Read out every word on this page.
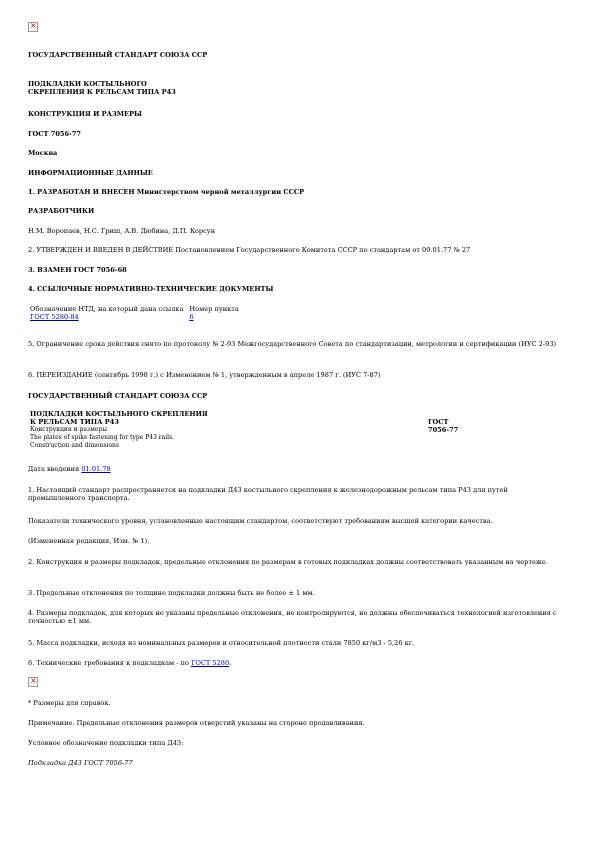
×
ГОСУДАРСТВЕННЫЙ СТАНДАРТ СОЮЗА ССР
ПОДКЛАДКИ КОСТЫЛЬНОГО
СКРЕПЛЕНИЯ К РЕЛЬСАМ ТИПА Р43
КОНСТРУКЦИЯ И РАЗМЕРЫ
ГОСТ 7056-77
Москва
ИНФОРМАЦИОННЫЕ ДАННЫЕ
1. РАЗРАБОТАН И ВНЕСЕН Министерством черной металлургии СССР
РАЗРАБОТЧИКИ
Н.М. Воропаев, Н.С. Гриш, А.В. Дюбина, Д.П. Корсун
2. УТВЕРЖДЕН И ВВЕДЕН В ДЕЙСТВИЕ Постановлением Государственного Комитета СССР по стандартам от 09.01.77 № 27
3. ВЗАМЕН ГОСТ 7056-68
4. ССЫЛОЧНЫЕ НОРМАТИВНО-ТЕХНИЧЕСКИЕ ДОКУМЕНТЫ
Обозначение НТД, на который дана ссылка	Номер пункта
ГОСТ 5280-84	6
5. Ограничение срока действия снято по протоколу № 2-93 Межгосударственного Совета по стандартизации, метрологии и сертификации (ИУС 2-93)
6. ПЕРЕИЗДАНИЕ (сентябрь 1998 г.) с Изменением № 1, утвержденным в апреле 1987 г. (ИУС 7-87)
ГОСУДАРСТВЕННЫЙ СТАНДАРТ СОЮЗА ССР
ПОДКЛАДКИ КОСТЫЛЬНОГО СКРЕПЛЕНИЯ
К РЕЛЬСАМ ТИПА Р43
Конструкция и размеры
The plates of spike fastening for type P43 rails.
Construction and dimensions
ГОСТ
7056-77
Дата введения 01.01.78
1. Настоящий стандарт распространяется на подкладки Д43 костыльного скрепления к железнодорожным рельсам типа Р43 для путей промышленного транспорта.
Показатели технического уровня, установленные настоящим стандартом, соответствуют требованиям высшей категории качества.
(Измененная редакция, Изм. № 1).
2. Конструкция и размеры подкладок, предельные отклонения по размерам в готовых подкладках должны соответствовать указанным на чертеже.
3. Предельные отклонения по толщине подкладки должны быть не более ± 1 мм.
4. Размеры подкладок, для которых не указаны предельные отклонения, не контролируются, но должны обеспечиваться технологией изготовления с точностью ±1 мм.
5. Масса подкладки, исходя из номинальных размеров и относительной плотности стали 7850 кг/м3 - 5,26 кг.
6. Технические требования к подкладкам - по ГОСТ 5280.
×
* Размеры для справок.
Примечание. Предельные отклонения размеров отверстий указаны на стороне продавливания.
Условное обозначение подкладки типа Д43:
Подкладка Д43 ГОСТ 7056-77
